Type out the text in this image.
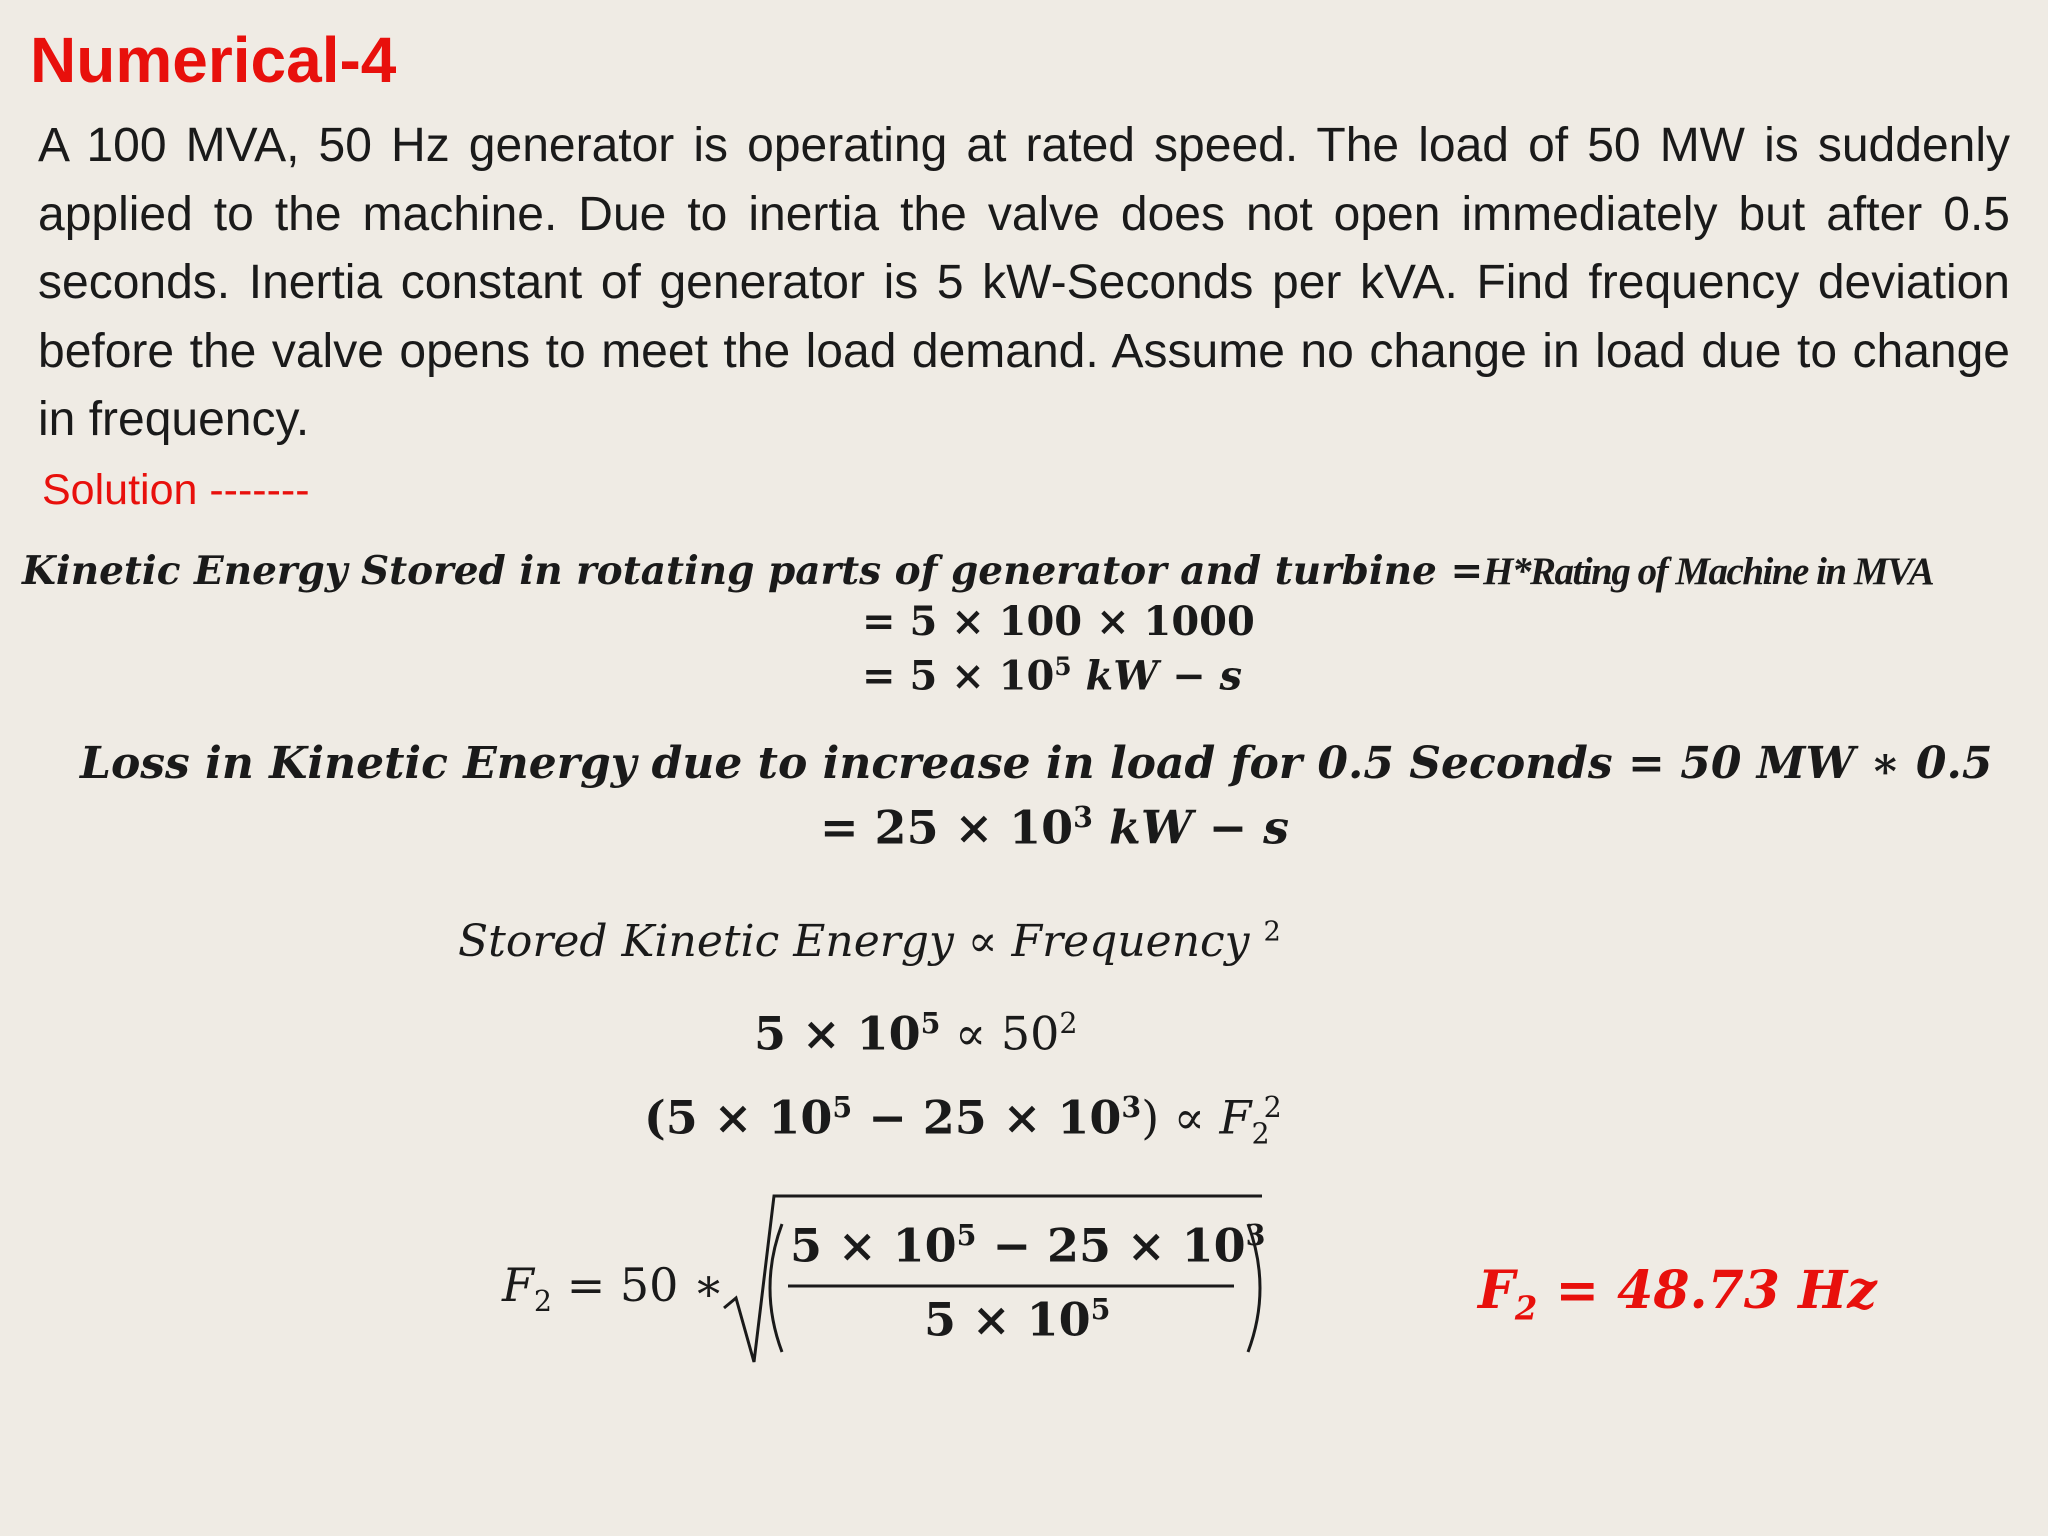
Numerical-4

A 100 MVA, 50 Hz generator is operating at rated speed. The load of 50 MW is suddenly applied to the machine. Due to inertia the valve does not open immediately but after 0.5 seconds. Inertia constant of generator is 5 kW-Seconds per kVA. Find frequency deviation before the valve opens to meet the load demand. Assume no change in load due to change in frequency.

Solution -------

Kinetic Energy Stored in rotating parts of generator and turbine =H*Rating of Machine in MVA
= 5 × 100 × 1000
= $5 \times 10^5$ kW − s
Loss in Kinetic Energy due to increase in load for 0.5 Seconds = 50 MW ∗ 0.5
= $25 \times 10^3$ kW − s
Stored Kinetic Energy ∝ Frequency $^2$
$5 \times 10^5 \propto 50^2$
$(5 \times 10^5 - 25 \times 10^3) \propto F_2^2$
$F_2 = 50$ ∗
$5 \times 10^5 - 25 \times 10^3$
$5 \times 10^5$	$F_2 = 48.73$ Hz
